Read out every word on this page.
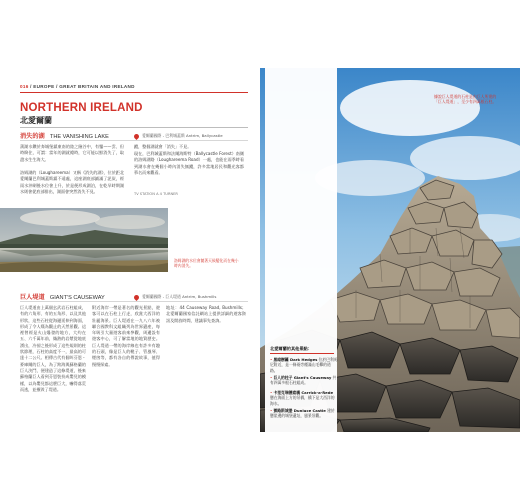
016 / EUROPE / GREAT BRITAIN AND IRELAND
NORTHERN IRELAND
北愛爾蘭
消失的湖 THE VANISHING LAKE	愛爾蘭國際 - 巴利城蓋斯 Antrim, Ballycastle
蒲湖水鑽於奔城堡鎮東南的陸之險谷中，有鑒——雲、但時睽住，可謂：當年的湖就總時，它可能以鮮消失了，取盡水生生海大。
洛姆湖的（Loughareema）又稱《消失的湖》，位於距北愛爾蘭巴利城蓋斯鎮不遠處，這座湖底部鋪滿了泥炭，經雨水沖刷後水位會上升，於是便形成湖泊，在乾旱時期湖水則會從底部排出，湖面會突然消失不見。
蹤，整個湖就會「消失」不見。
現在，巴利城蓋斯和法爾海斯特（Ballycastle Forest）南側的洛姆湖路（Loughareema Road）一處，也能在雨季時看到湖水會在幾個小時內消失無蹤，許多當地居民和觀光客都慕名而來觀看。
TV STATION A 4 TURNER
洛姆湖的水位會隨著天候變化而在幾小時內消失。
巨人堤道 GIANT'S CAUSEWAY	愛爾蘭國際 - 巨人堤道 Antrim, Bushmills
巨人堤道由上萬個玄武岩石柱組成，有的六角形、有的五角形、以及其他形狀，這些石柱從海邊延伸到海面，形成了令人嘆為觀止的天然景觀。這裡曾經是火山爆發的地方，大約在五、六千萬年前，熾熱的岩漿從地底湧出，冷卻之後形成了這些規則的柱狀節理，石柱的高度不一，最高的可達十二公尺。相傳古代有個叫芬恩・麥庫爾的巨人，為了跨海與蘇格蘭的巨人決鬥，便建造了這條堤道，後來蘇格蘭巨人看到芬恩裝扮成嬰兒的模樣，以為嬰兒都這麼巨大，嚇得落荒而逃，並摧毀了堤道。
附近海岸一帶是著名的觀光景點，遊客可以在石柱上行走，欣賞大西洋的壯麗海景。巨人堤道在一九八六年被聯合國教科文組織列為世界遺產，每年吸引大量遊客前來參觀，周邊設有遊客中心，可了解當地的地質歷史。巨人堤道一帶的海岸線也有許多有趣的石頭，像是巨人的靴子、管風琴、煙囪等，都有各自的傳說故事，值得慢慢探索。
地址：44 Causeway Road, Bushmills；北愛爾蘭國家信託網站上提供詳細的遊客資訊及開放時間，建議事先查詢。
北愛爾蘭的其他景點：
• 黑暗樹籬 Dark Hedges 位於巴利馬尼附近，是一條兩旁種滿山毛櫸的道路。
• 巨人的柱子 Giant's Causeway 共有四萬多根石柱組成。
• 卡里克瑞德索橋 Carrick-a-Rede 懸在海面上方的吊橋，橋下是大西洋的海水。
• 鄧路斯城堡 Dunluce Castle 建於懸崖邊的城堡遺址，風景壯觀。
據說巨人堤道的石柱是由巨人所建的「巨人堤道」，至少有四萬根石柱。
